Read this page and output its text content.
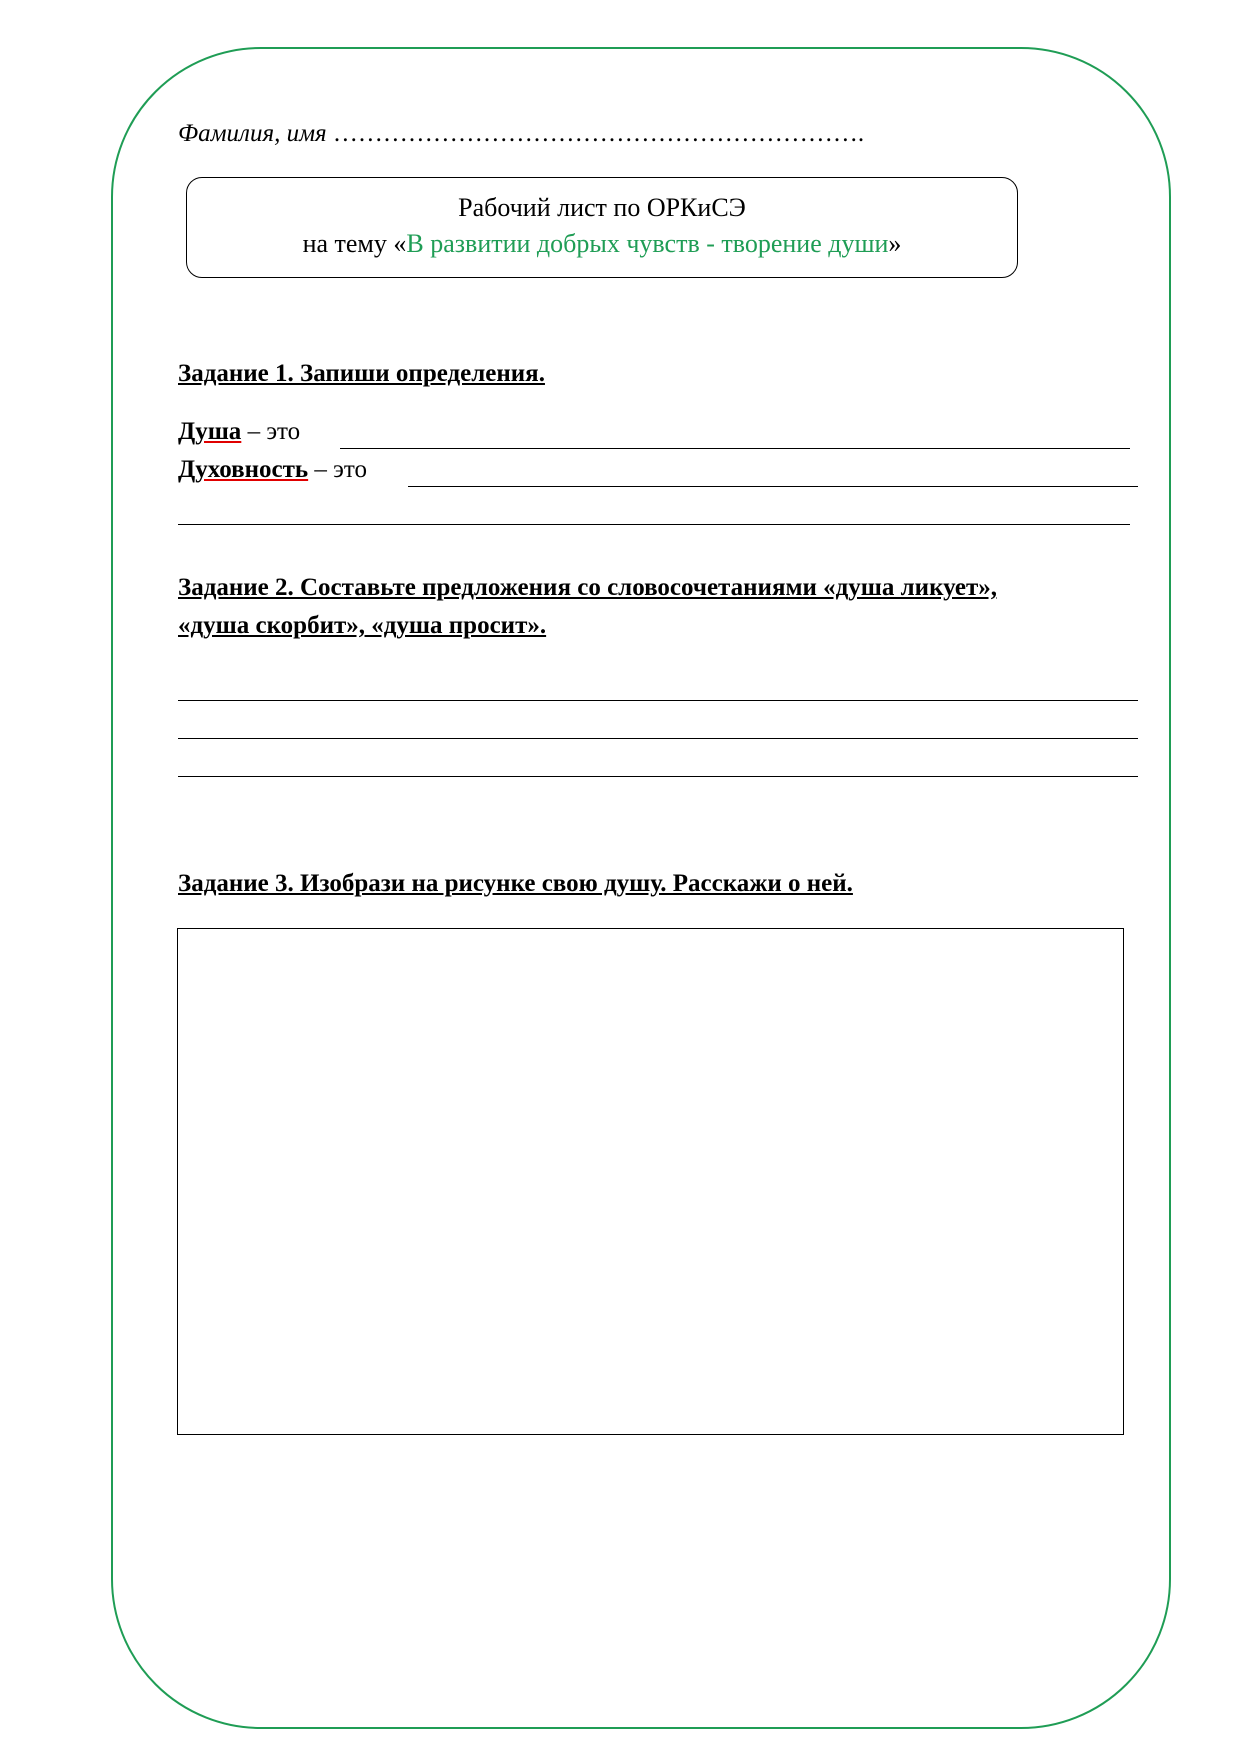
Фамилия, имя ……………………………………………………….
Рабочий лист по ОРКиСЭ
на тему «В развитии добрых чувств - творение души»
Задание 1. Запиши определения.
Душа – это
Духовность – это
Задание 2. Составьте предложения со словосочетаниями «душа ликует»,
«душа скорбит», «душа просит».
Задание 3. Изобрази на рисунке свою душу. Расскажи о ней.
